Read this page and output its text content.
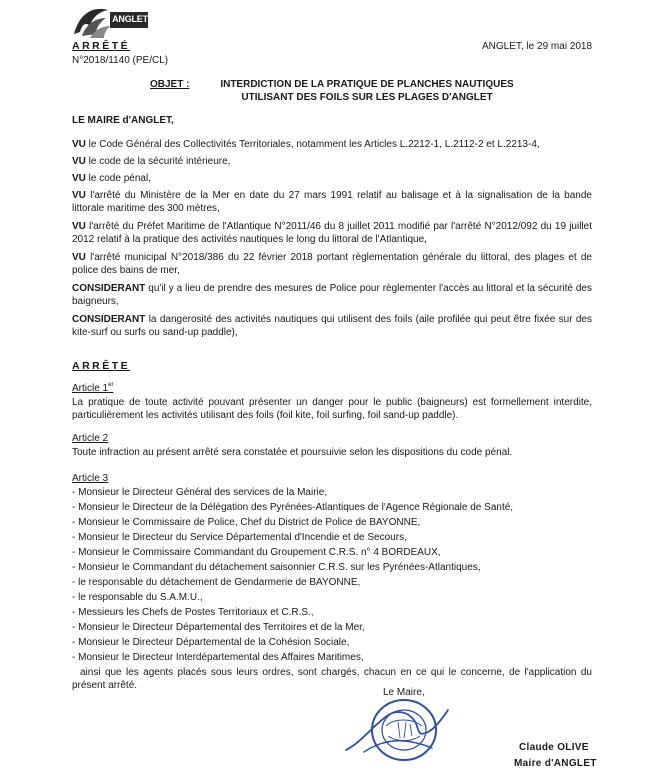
ANGLET
ARRÊTÉ
N°2018/1140 (PE/CL)
ANGLET, le 29 mai 2018
OBJET :	INTERDICTION DE LA PRATIQUE DE PLANCHES NAUTIQUES
UTILISANT DES FOILS SUR LES PLAGES D'ANGLET
LE MAIRE d'ANGLET,
VU le Code Général des Collectivités Territoriales, notamment les Articles L.2212-1, L.2112-2 et L.2213-4,
VU le code de la sécurité intérieure,
VU le code pénal,
VU l'arrêté du Ministère de la Mer en date du 27 mars 1991 relatif au balisage et à la signalisation de la bande littorale maritime des 300 mètres,
VU l'arrêté du Préfet Maritime de l'Atlantique N°2011/46 du 8 juillet 2011 modifié par l'arrêté N°2012/092 du 19 juillet 2012 relatif à la pratique des activités nautiques le long du littoral de l'Atlantique,
VU l'arrêté municipal N°2018/386 du 22 février 2018 portant règlementation générale du littoral, des plages et de police des bains de mer,
CONSIDERANT qu'il y a lieu de prendre des mesures de Police pour règlementer l'accès au littoral et la sécurité des baigneurs,
CONSIDERANT la dangerosité des activités nautiques qui utilisent des foils (aile profilée qui peut être fixée sur des kite-surf ou surfs ou sand-up paddle),
ARRÊTE
Article 1er
La pratique de toute activité pouvant présenter un danger pour le public (baigneurs) est formellement interdite, particulièrement les activités utilisant des foils (foil kite, foil surfing, foil sand-up paddle).
Article 2
Toute infraction au présent arrêté sera constatée et poursuivie selon les dispositions du code pénal.
Article 3
- Monsieur le Directeur Général des services de la Mairie,
- Monsieur le Directeur de la Délégation des Pyrénées-Atlantiques de l'Agence Régionale de Santé,
- Monsieur le Commissaire de Police, Chef du District de Police de BAYONNE,
- Monsieur le Directeur du Service Départemental d'Incendie et de Secours,
- Monsieur le Commissaire Commandant du Groupement C.R.S. n° 4 BORDEAUX,
- Monsieur le Commandant du détachement saisonnier C.R.S. sur les Pyrénées-Atlantiques,
- le responsable du détachement de Gendarmerie de BAYONNE,
- le responsable du S.A.M.U.,
- Messieurs les Chefs de Postes Territoriaux et C.R.S.,
- Monsieur le Directeur Départemental des Territoires et de la Mer,
- Monsieur le Directeur Départemental de la Cohésion Sociale,
- Monsieur le Directeur Interdépartemental des Affaires Maritimes,
ainsi que les agents placés sous leurs ordres, sont chargés, chacun en ce qui le concerne, de l'application du présent arrêté.
Le Maire,
Claude OLIVE
Maire d'ANGLET
